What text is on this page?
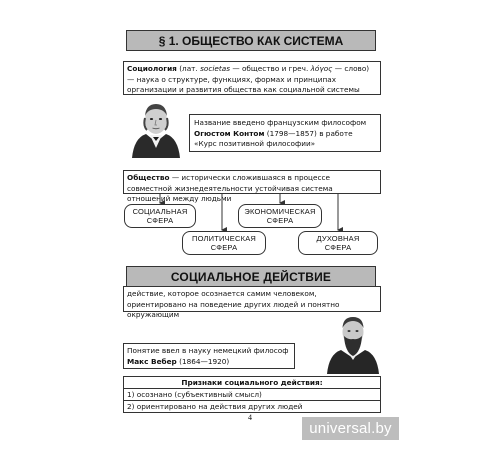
§ 1. ОБЩЕСТВО КАК СИСТЕМА
Социология (лат. societas — общество и греч. λόγος — слово) — наука о структуре, функциях, формах и принципах организации и развития общества как социальной системы
Название введено французским философом Огюстом Контом (1798—1857) в работе «Курс позитивной философии»
Общество — исторически сложившаяся в процессе совместной жизнедеятельности устойчивая система отношений между людьми
СОЦИАЛЬНАЯ СФЕРА
ЭКОНОМИЧЕСКАЯ СФЕРА
ПОЛИТИЧЕСКАЯ СФЕРА
ДУХОВНАЯ СФЕРА
СОЦИАЛЬНОЕ ДЕЙСТВИЕ
действие, которое осознается самим человеком, ориентировано на поведение других людей и понятно окружающим
Понятие ввел в науку немецкий философ Макс Вебер (1864—1920)
Признаки социального действия:
1) осознано (субъективный смысл)
2) ориентировано на действия других людей
4
universal.by
